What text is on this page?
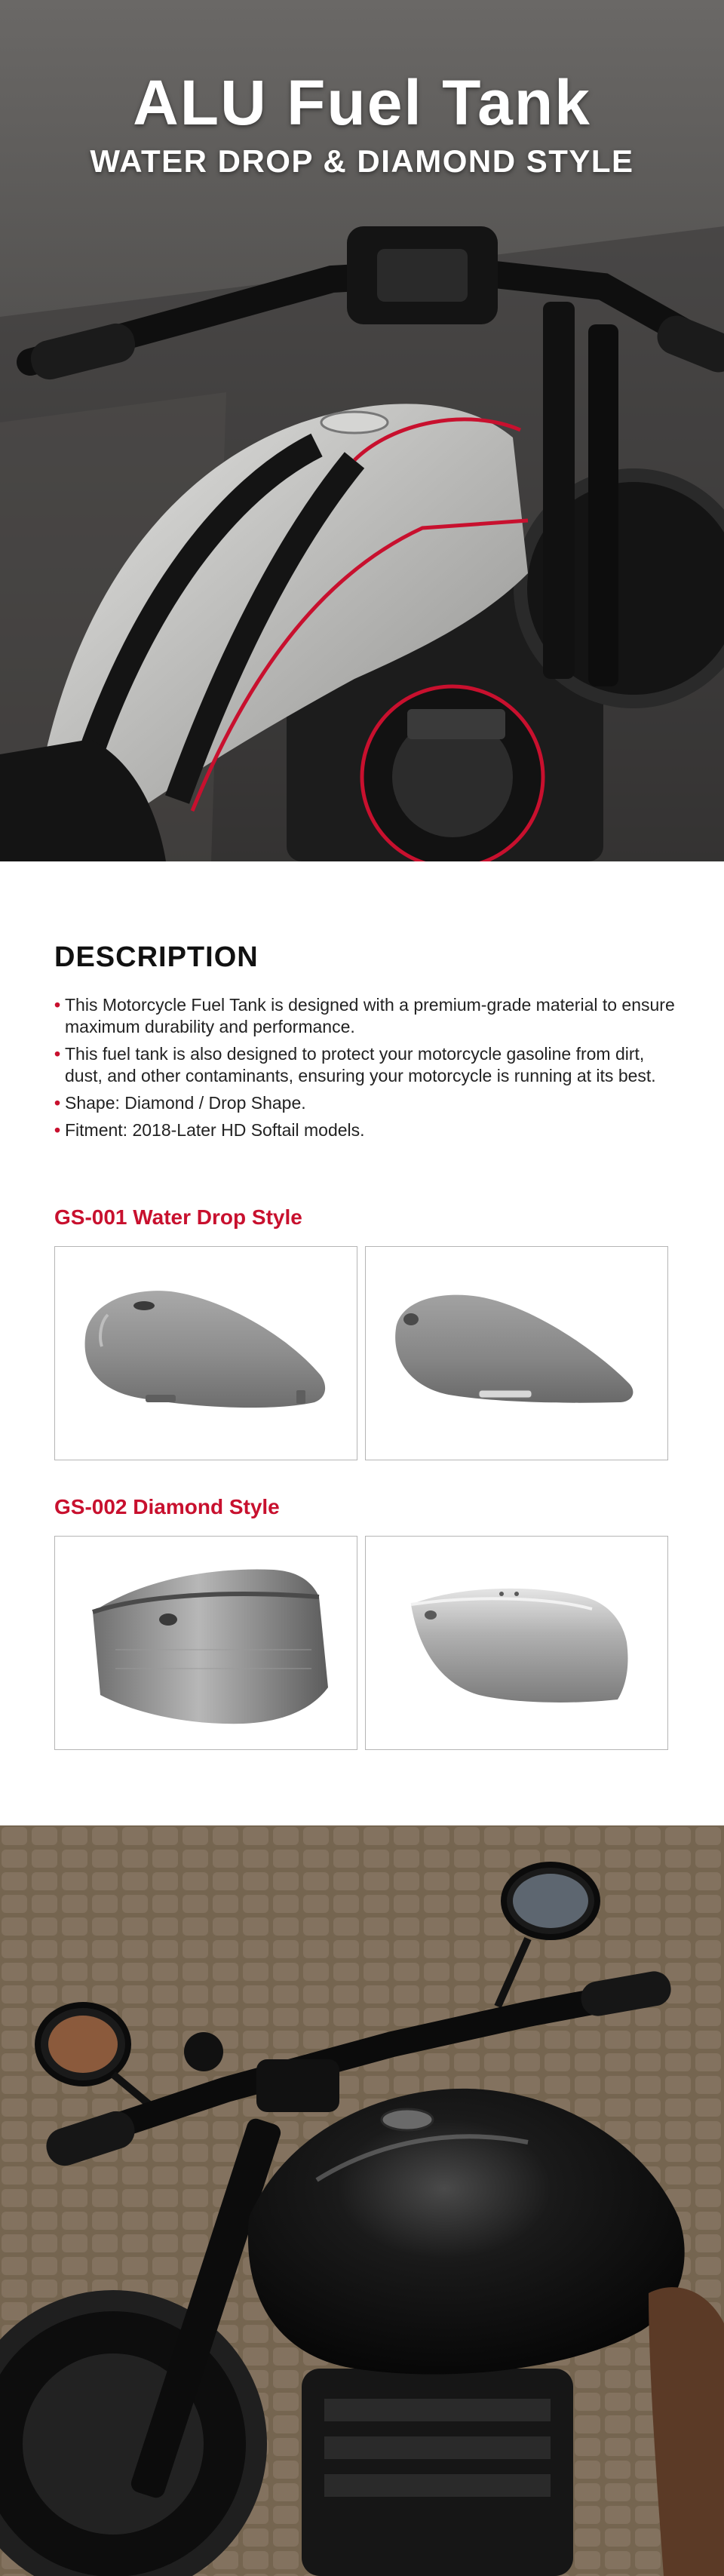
ALU Fuel Tank
WATER DROP & DIAMOND STYLE
DESCRIPTION
• This Motorcycle Fuel Tank is designed with a premium-grade material to ensure maximum durability and performance.
• This fuel tank is also designed to protect your motorcycle gasoline from dirt, dust, and other contaminants, ensuring your motorcycle is running at its best.
• Shape: Diamond / Drop Shape.
• Fitment: 2018-Later HD Softail models.
GS-001 Water Drop Style
GS-002 Diamond Style
